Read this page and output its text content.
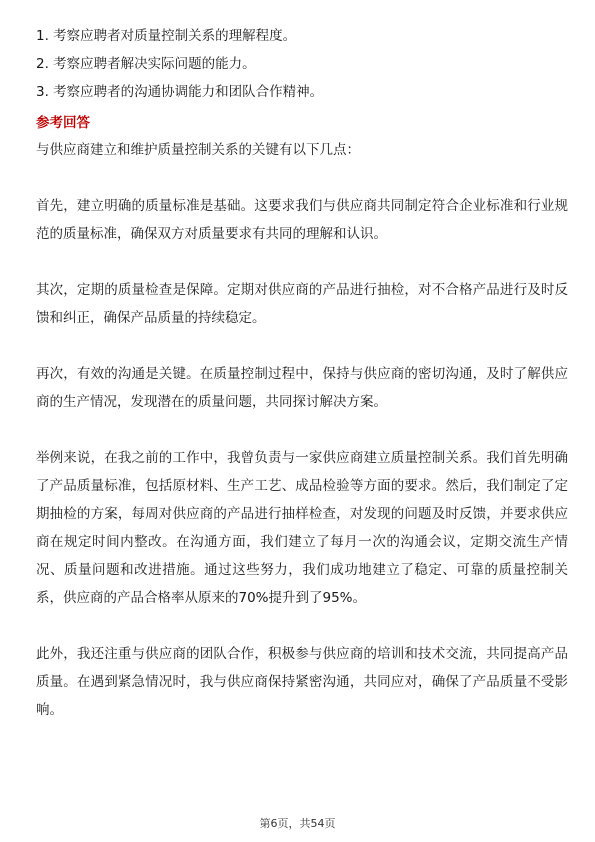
1. 考察应聘者对质量控制关系的理解程度。
2. 考察应聘者解决实际问题的能力。
3. 考察应聘者的沟通协调能力和团队合作精神。
参考回答

与供应商建立和维护质量控制关系的关键有以下几点：

首先，建立明确的质量标准是基础。这要求我们与供应商共同制定符合企业标准和行业规范的质量标准，确保双方对质量要求有共同的理解和认识。

其次，定期的质量检查是保障。定期对供应商的产品进行抽检，对不合格产品进行及时反馈和纠正，确保产品质量的持续稳定。

再次，有效的沟通是关键。在质量控制过程中，保持与供应商的密切沟通，及时了解供应商的生产情况，发现潜在的质量问题，共同探讨解决方案。

举例来说，在我之前的工作中，我曾负责与一家供应商建立质量控制关系。我们首先明确了产品质量标准，包括原材料、生产工艺、成品检验等方面的要求。然后，我们制定了定期抽检的方案，每周对供应商的产品进行抽样检查，对发现的问题及时反馈，并要求供应商在规定时间内整改。在沟通方面，我们建立了每月一次的沟通会议，定期交流生产情况、质量问题和改进措施。通过这些努力，我们成功地建立了稳定、可靠的质量控制关系，供应商的产品合格率从原来的70%提升到了95%。

此外，我还注重与供应商的团队合作，积极参与供应商的培训和技术交流，共同提高产品质量。在遇到紧急情况时，我与供应商保持紧密沟通，共同应对，确保了产品质量不受影响。

第6页，共54页
